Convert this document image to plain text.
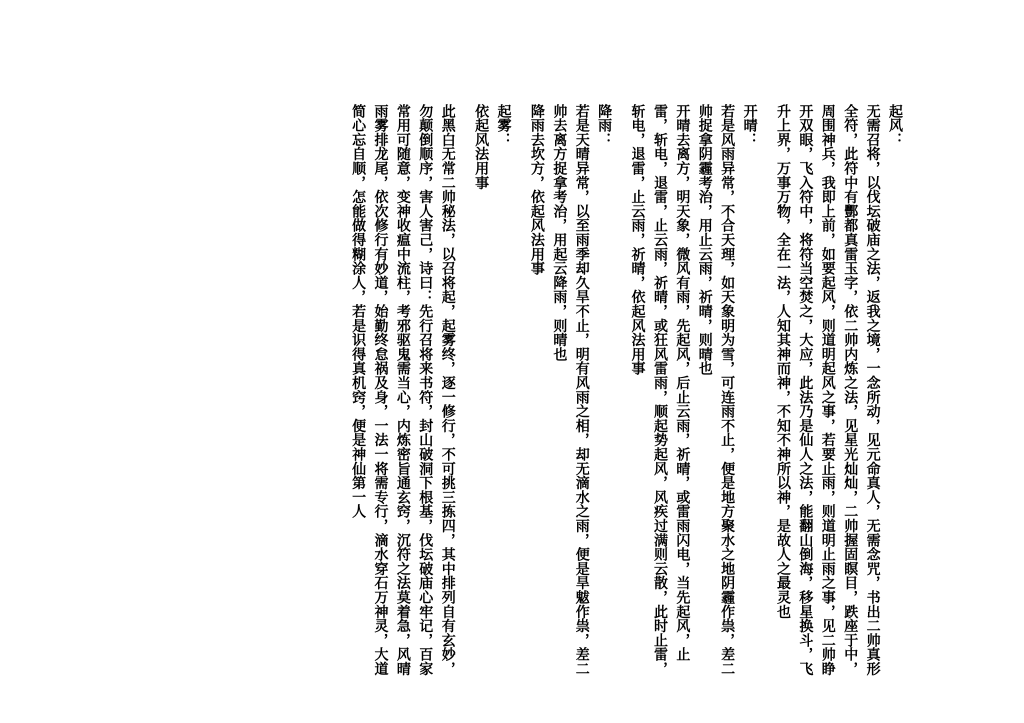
起风：
无需召将，以伐坛破庙之法，返我之境，一念所动，见元命真人，无需念咒，书出二帅真形
全符，此符中有酆都真雷玉字，依二帅内炼之法，见星光灿灿，二帅握固瞑目，跌座于中，
周围神兵，我即上前，如要起风，则道明起风之事，若要止雨，则道明止雨之事，见二帅睁
开双眼，飞入符中，将符当空焚之，大应，此法乃是仙人之法，能翻山倒海，移星换斗，飞
升上界，万事万物，全在一法，人知其神而神，不知不神所以神，是故人之最灵也
开晴：
若是风雨异常，不合天理，如天象明为雪，可连雨不止，便是地方聚水之地阴霾作祟，差二
帅捉拿阴霾考治，用止云雨，祈晴，则晴也
开晴去离方，明天象，微风有雨，先起风，后止云雨，祈晴，或雷雨闪电，当先起风，止
雷，斩电，退雷，止云雨，祈晴，或狂风雷雨，顺起势起风，风疾过满则云散，此时止雷，
斩电，退雷，止云雨，祈晴，依起风法用事
降雨：
若是天晴异常，以至雨季却久旱不止，明有风雨之相，却无滴水之雨，便是旱魃作祟，差二
帅去离方捉拿考治，用起云降雨，则晴也
降雨去坎方，依起风法用事
起雾：
依起风法用事
此黑白无常二帅秘法，以召将起，起雾终，逐一修行，不可挑三拣四，其中排列自有玄妙，
勿颠倒顺序，害人害己，诗曰：先行召将来书符，封山破洞下根基，伐坛破庙心牢记，百家
常用可随意，变神收瘟中流柱，考邪驱鬼需当心，内炼密旨通玄窍，沉符之法莫着急，风晴
雨雾排龙尾，依次修行有妙道，始勤终怠祸及身，一法一将需专行，滴水穿石万神灵，大道
简心忘自顺，怎能做得糊涂人，若是识得真机窍，便是神仙第一人
